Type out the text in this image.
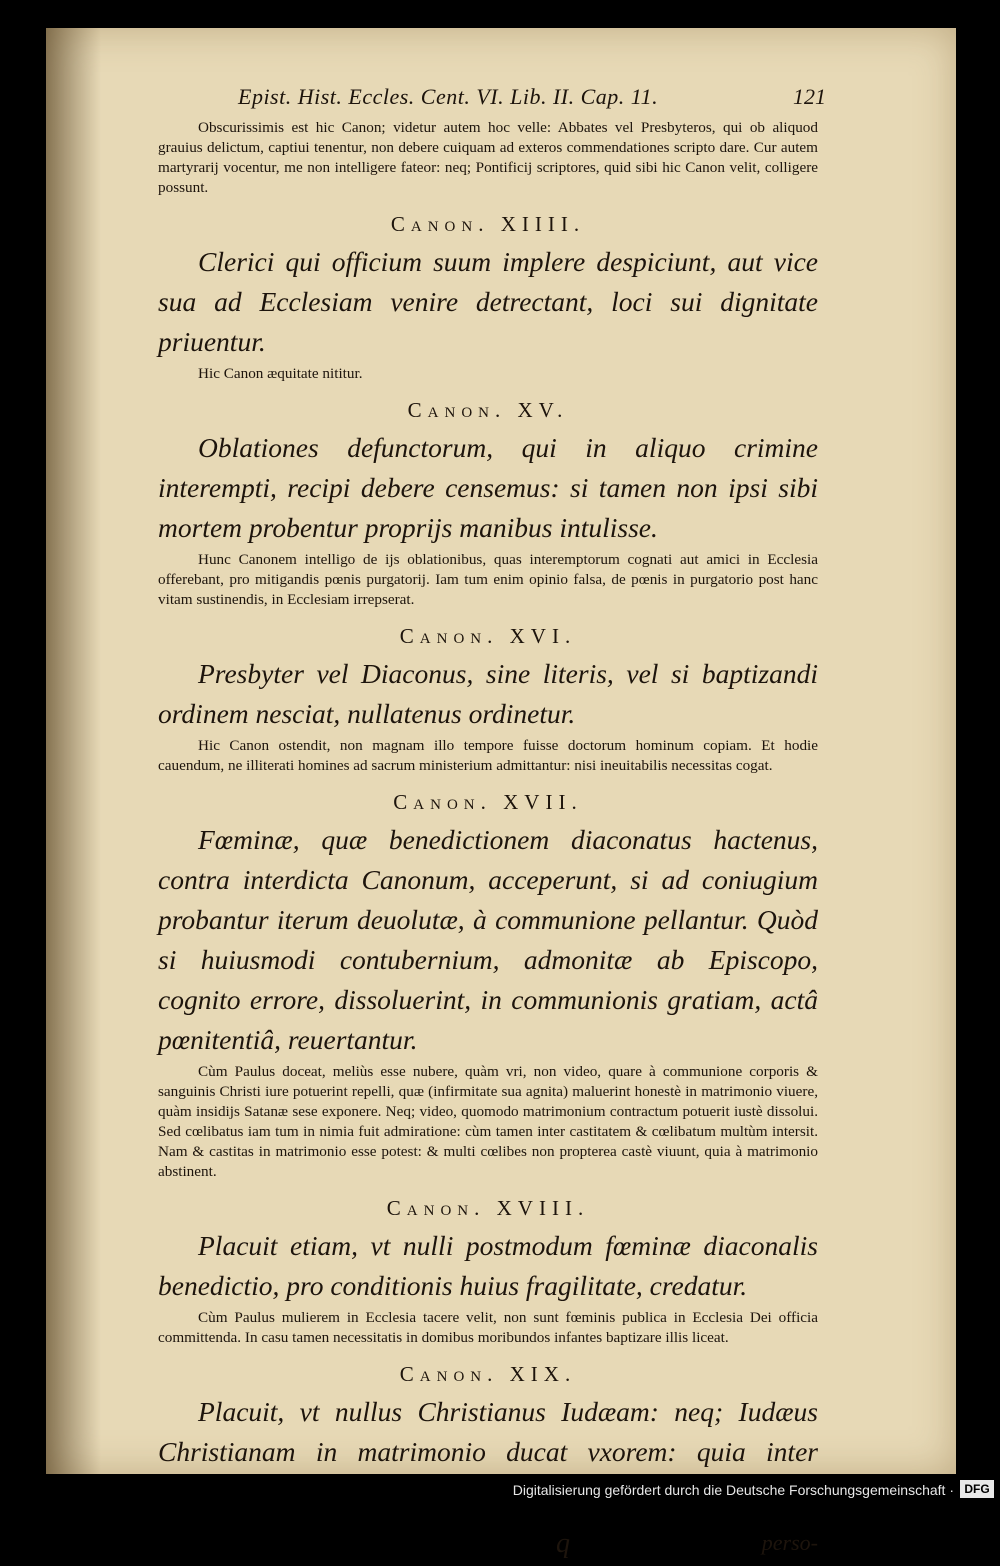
Epist. Hist. Eccles. Cent. VI. Lib. II. Cap. 11.	121

Obscurissimis est hic Canon; videtur autem hoc velle: Abbates vel Presbyteros, qui ob aliquod grauius delictum, captiui tenentur, non debere cuiquam ad exteros commendationes scripto dare. Cur autem martyrarij vocentur, me non intelligere fateor: neq; Pontificij scriptores, quid sibi hic Canon velit, colligere possunt.

Canon. XIIII.

Clerici qui officium suum implere despiciunt, aut vice sua ad Ecclesiam venire detrectant, loci sui dignitate priuentur.

Hic Canon æquitate nititur.

Canon. XV.

Oblationes defunctorum, qui in aliquo crimine interempti, recipi debere censemus: si tamen non ipsi sibi mortem probentur proprijs manibus intulisse.

Hunc Canonem intelligo de ijs oblationibus, quas interemptorum cognati aut amici in Ecclesia offerebant, pro mitigandis pœnis purgatorij. Iam tum enim opinio falsa, de pœnis in purgatorio post hanc vitam sustinendis, in Ecclesiam irrepserat.

Canon. XVI.

Presbyter vel Diaconus, sine literis, vel si baptizandi ordinem nesciat, nullatenus ordinetur.

Hic Canon ostendit, non magnam illo tempore fuisse doctorum hominum copiam. Et hodie cauendum, ne illiterati homines ad sacrum ministerium admittantur: nisi ineuitabilis necessitas cogat.

Canon. XVII.

Fœminæ, quæ benedictionem diaconatus hactenus, contra interdicta Canonum, acceperunt, si ad coniugium probantur iterum deuolutæ, à communione pellantur. Quòd si huiusmodi contubernium, admonitæ ab Episcopo, cognito errore, dissoluerint, in communionis gratiam, actâ pœnitentiâ, reuertantur.

Cùm Paulus doceat, meliùs esse nubere, quàm vri, non video, quare à communione corporis & sanguinis Christi iure potuerint repelli, quæ (infirmitate sua agnita) maluerint honestè in matrimonio viuere, quàm insidijs Satanæ sese exponere. Neq; video, quomodo matrimonium contractum potuerit iustè dissolui. Sed cœlibatus iam tum in nimia fuit admiratione: cùm tamen inter castitatem & cœlibatum multùm intersit. Nam & castitas in matrimonio esse potest: & multi cœlibes non propterea castè viuunt, quia à matrimonio abstinent.

Canon. XVIII.

Placuit etiam, vt nulli postmodum fœminæ diaconalis benedictio, pro conditionis huius fragilitate, credatur.

Cùm Paulus mulierem in Ecclesia tacere velit, non sunt fœminis publica in Ecclesia Dei officia committenda. In casu tamen necessitatis in domibus moribundos infantes baptizare illis liceat.

Canon. XIX.

Placuit, vt nullus Christianus Iudæam: neq; Iudæus Christianam in matrimonio ducat vxorem: quia inter

q	perso-
Digitalisierung gefördert durch die Deutsche Forschungsgemeinschaft · DFG
